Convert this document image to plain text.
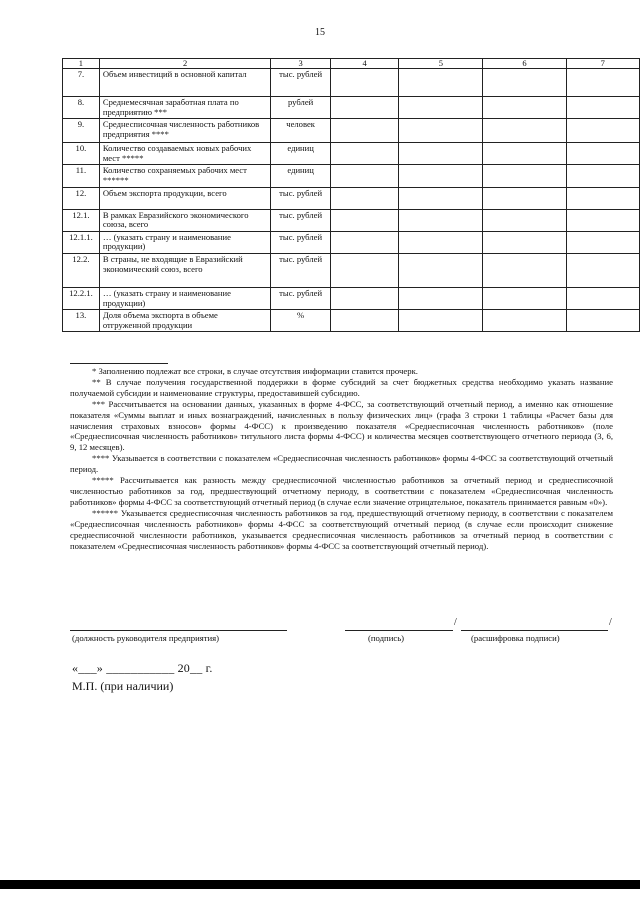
15
1	2	3	4	5	6	7
7.	Объем инвестиций в основной капитал	тыс. рублей				
8.	Среднемесячная заработная плата по предприятию ***	рублей				
9.	Среднесписочная численность работников предприятия ****	человек				
10.	Количество создаваемых новых рабочих мест *****	единиц				
11.	Количество сохраняемых рабочих мест ******	единиц				
12.	Объем экспорта продукции, всего	тыс. рублей				
12.1.	В рамках Евразийского экономического союза, всего	тыс. рублей				
12.1.1.	… (указать страну и наименование продукции)	тыс. рублей				
12.2.	В страны, не входящие в Евразийский экономический союз, всего	тыс. рублей				
12.2.1.	… (указать страну и наименование продукции)	тыс. рублей				
13.	Доля объема экспорта в объеме отгруженной продукции	%				

* Заполнению подлежат все строки, в случае отсутствия информации ставится прочерк.

** В случае получения государственной поддержки в форме субсидий за счет бюджетных средства необходимо указать название получаемой субсидии и наименование структуры, предоставившей субсидию.

*** Рассчитывается на основании данных, указанных в форме 4-ФСС, за соответствующий отчетный период, а именно как отношение показателя «Суммы выплат и иных вознаграждений, начисленных в пользу физических лиц» (графа 3 строки 1 таблицы «Расчет базы для начисления страховых взносов» формы 4-ФСС) к произведению показателя «Среднесписочная численность работников» (поле «Среднесписочная численность работников» титульного листа формы 4-ФСС) и количества месяцев соответствующего отчетного периода (3, 6, 9, 12 месяцев).

**** Указывается в соответствии с показателем «Среднесписочная численность работников» формы 4-ФСС за соответствующий отчетный период.

***** Рассчитывается как разность между среднесписочной численностью работников за отчетный период и среднесписочной численностью работников за год, предшествующий отчетному периоду, в соответствии с показателем «Среднесписочная численность работников» формы 4-ФСС за соответствующий отчетный период (в случае если значение отрицательное, показатель принимается равным «0»).

****** Указывается среднесписочная численность работников за год, предшествующий отчетному периоду, в соответствии с показателем «Среднесписочная численность работников» формы 4-ФСС за соответствующий отчетный период (в случае если происходит снижение среднесписочной численности работников, указывается среднесписочная численность работников за отчетный период в соответствии с показателем «Среднесписочная численность работников» формы 4-ФСС за соответствующий отчетный период).

(должность руководителя предприятия)
/	/
(подпись)	(расшифровка подписи)
«___» ___________ 20__ г.
М.П. (при наличии)
